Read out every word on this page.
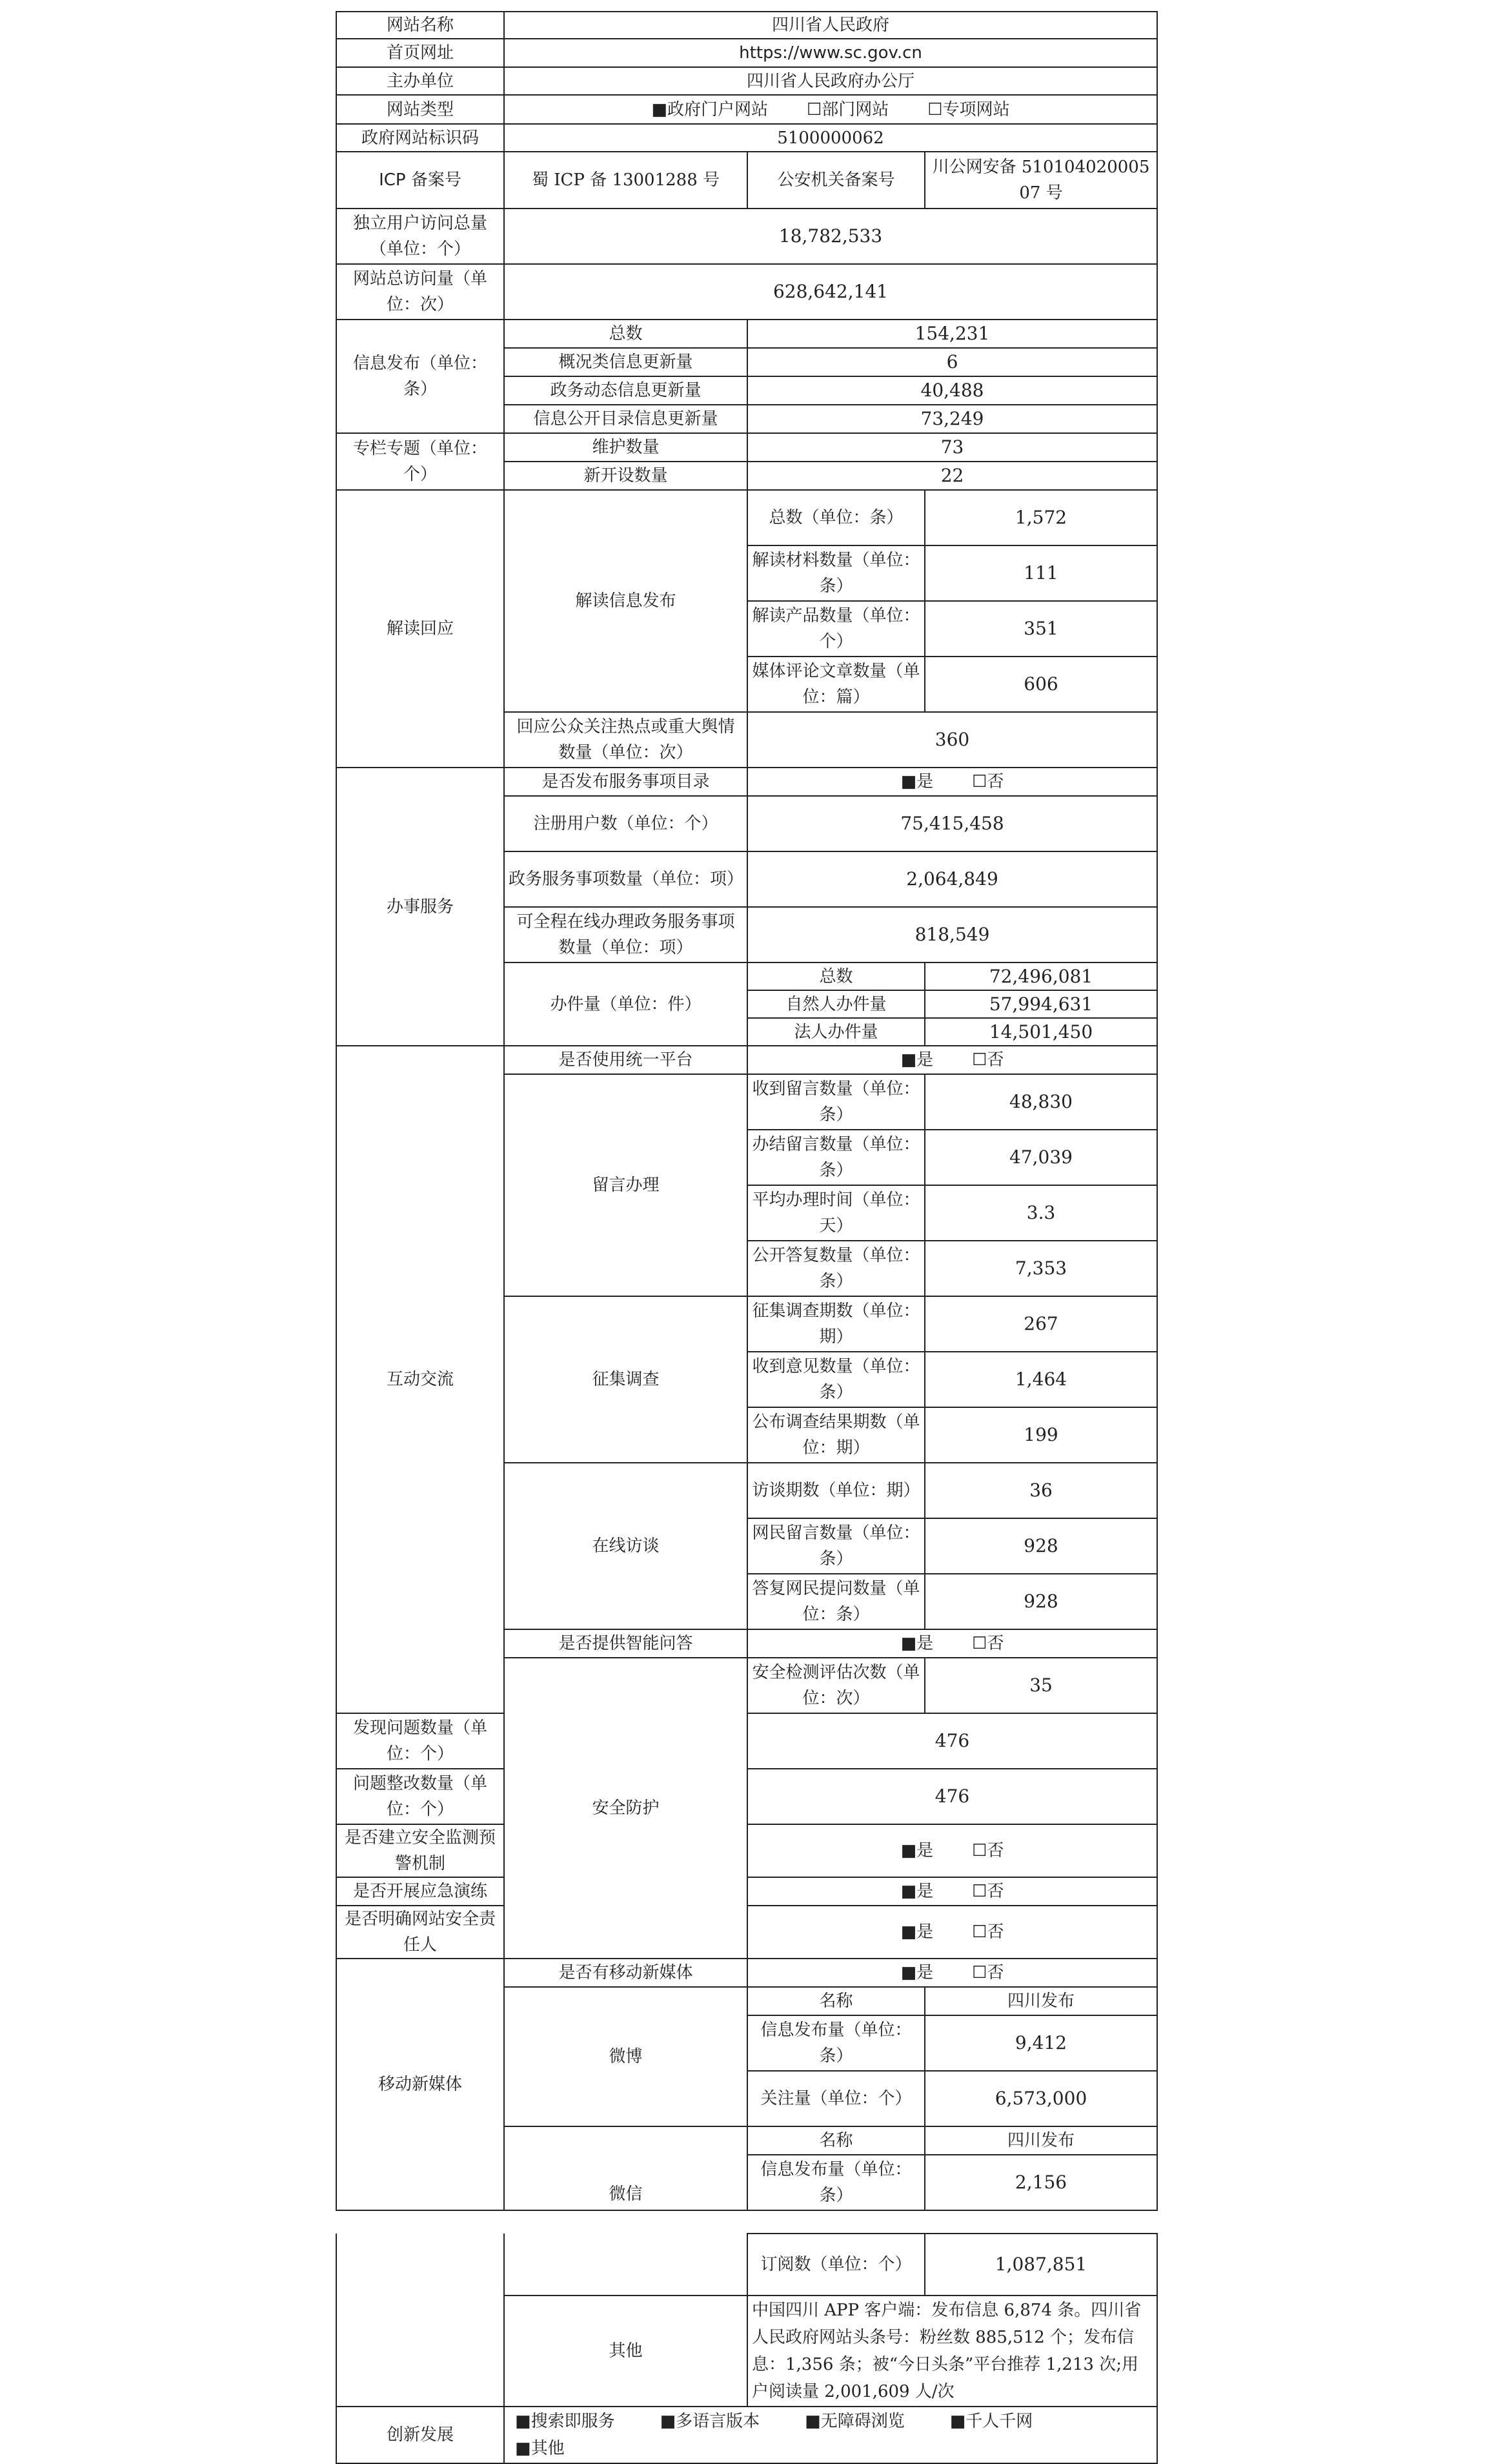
网站名称	四川省人民政府		
首页网址	https://www.sc.gov.cn		
主办单位	四川省人民政府办公厅		
网站类型	■政府门户网站 ☐部门网站 ☐专项网站		
政府网站标识码	5100000062		
ICP 备案号	蜀 ICP 备 13001288 号	公安机关备案号	川公网安备 51010402000507 号
独立用户访问总量（单位：个）	18,782,533		
网站总访问量（单位：次）	628,642,141		
信息发布（单位：条）	总数	154,231	
	概况类信息更新量	6	
	政务动态信息更新量	40,488	
	信息公开目录信息更新量	73,249	
专栏专题（单位：个）	维护数量	73	
	新开设数量	22	
解读回应	解读信息发布	总数（单位：条）	1,572
		解读材料数量（单位：条）	111
		解读产品数量（单位：个）	351
		媒体评论文章数量（单位：篇）	606
	回应公众关注热点或重大舆情数量（单位：次）	360	
办事服务	是否发布服务事项目录	■是 ☐否	
	注册用户数（单位：个）	75,415,458	
	政务服务事项数量（单位：项）	2,064,849	
	可全程在线办理政务服务事项数量（单位：项）	818,549	
	办件量（单位：件）	总数	72,496,081
		自然人办件量	57,994,631
		法人办件量	14,501,450
互动交流	是否使用统一平台	■是 ☐否	
	留言办理	收到留言数量（单位：条）	48,830
		办结留言数量（单位：条）	47,039
		平均办理时间（单位：天）	3.3
		公开答复数量（单位：条）	7,353
	征集调查	征集调查期数（单位：期）	267
		收到意见数量（单位：条）	1,464
		公布调查结果期数（单位：期）	199
	在线访谈	访谈期数（单位：期）	36
		网民留言数量（单位：条）	928
		答复网民提问数量（单位：条）	928
	是否提供智能问答	■是 ☐否	
	安全防护	安全检测评估次数（单位：次）	35
发现问题数量（单位：个）		476	
问题整改数量（单位：个）		476	
是否建立安全监测预警机制		■是 ☐否	
是否开展应急演练		■是 ☐否	
是否明确网站安全责任人		■是 ☐否	
移动新媒体	是否有移动新媒体	■是 ☐否	
	微博	名称	四川发布
		信息发布量（单位：条）	9,412
		关注量（单位：个）	6,573,000
	微信	名称	四川发布
		信息发布量（单位：条）	2,156
		订阅数（单位：个）	1,087,851
	其他	中国四川 APP 客户端：发布信息 6,874 条。四川省人民政府网站头条号：粉丝数 885,512 个；发布信息：1,356 条；被“今日头条”平台推荐 1,213 次;用户阅读量 2,001,609 人/次	
创新发展	■搜索即服务 ■多语言版本 ■无障碍浏览 ■千人千网■其他		
